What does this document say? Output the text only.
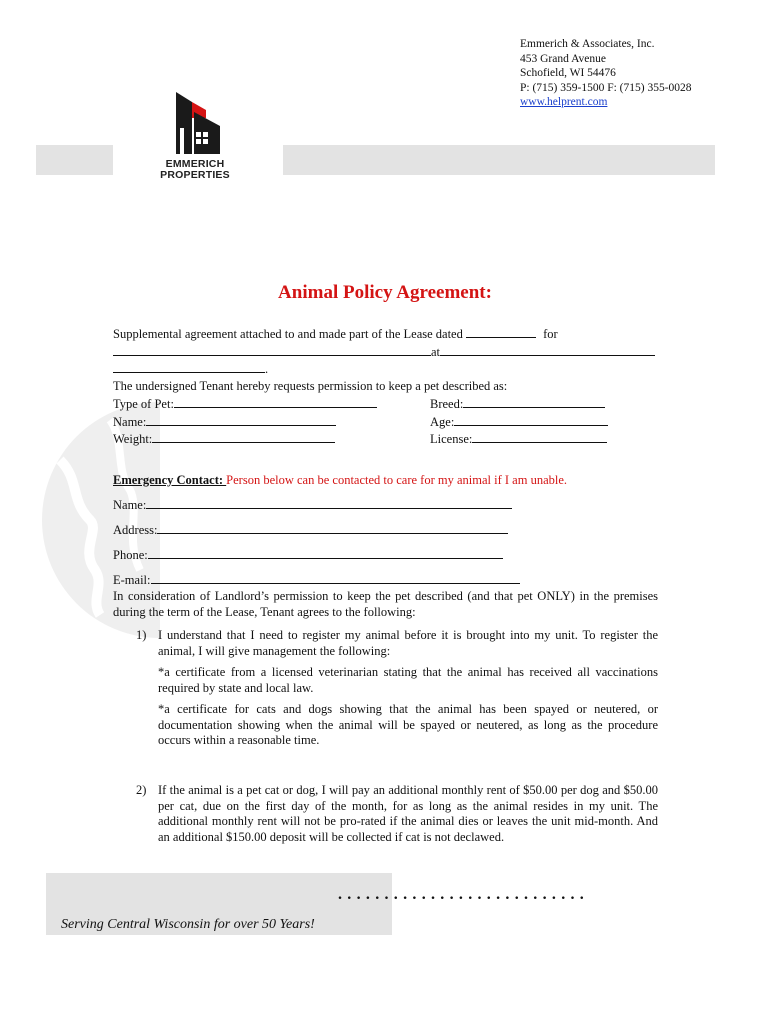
EMMERICH
PROPERTIES
Emmerich & Associates, Inc.
453 Grand Avenue
Schofield, WI 54476
P: (715) 359-1500 F: (715) 355-0028
www.helprent.com
Animal Policy Agreement:
Supplemental agreement attached to and made part of the Lease dated	for
at
.
The undersigned Tenant hereby requests permission to keep a pet described as:
Type of Pet:
Name:
Weight:
Breed:
Age:
License:
Emergency Contact: Person below can be contacted to care for my animal if I am unable.
Name:
Address:
Phone:
E-mail:
In consideration of Landlord’s permission to keep the pet described (and that pet ONLY) in the premises during the term of the Lease, Tenant agrees to the following:
1) I understand that I need to register my animal before it is brought into my unit. To register the animal, I will give management the following:
*a certificate from a licensed veterinarian stating that the animal has received all vaccinations required by state and local law.
*a certificate for cats and dogs showing that the animal has been spayed or neutered, or documentation showing when the animal will be spayed or neutered, as long as the procedure occurs within a reasonable time.
2) If the animal is a pet cat or dog, I will pay an additional monthly rent of $50.00 per dog and $50.00 per cat, due on the first day of the month, for as long as the animal resides in my unit. The additional monthly rent will not be pro-rated if the animal dies or leaves the unit mid-month. And an additional $150.00 deposit will be collected if cat is not declawed.
Serving Central Wisconsin for over 50 Years!
...........................
